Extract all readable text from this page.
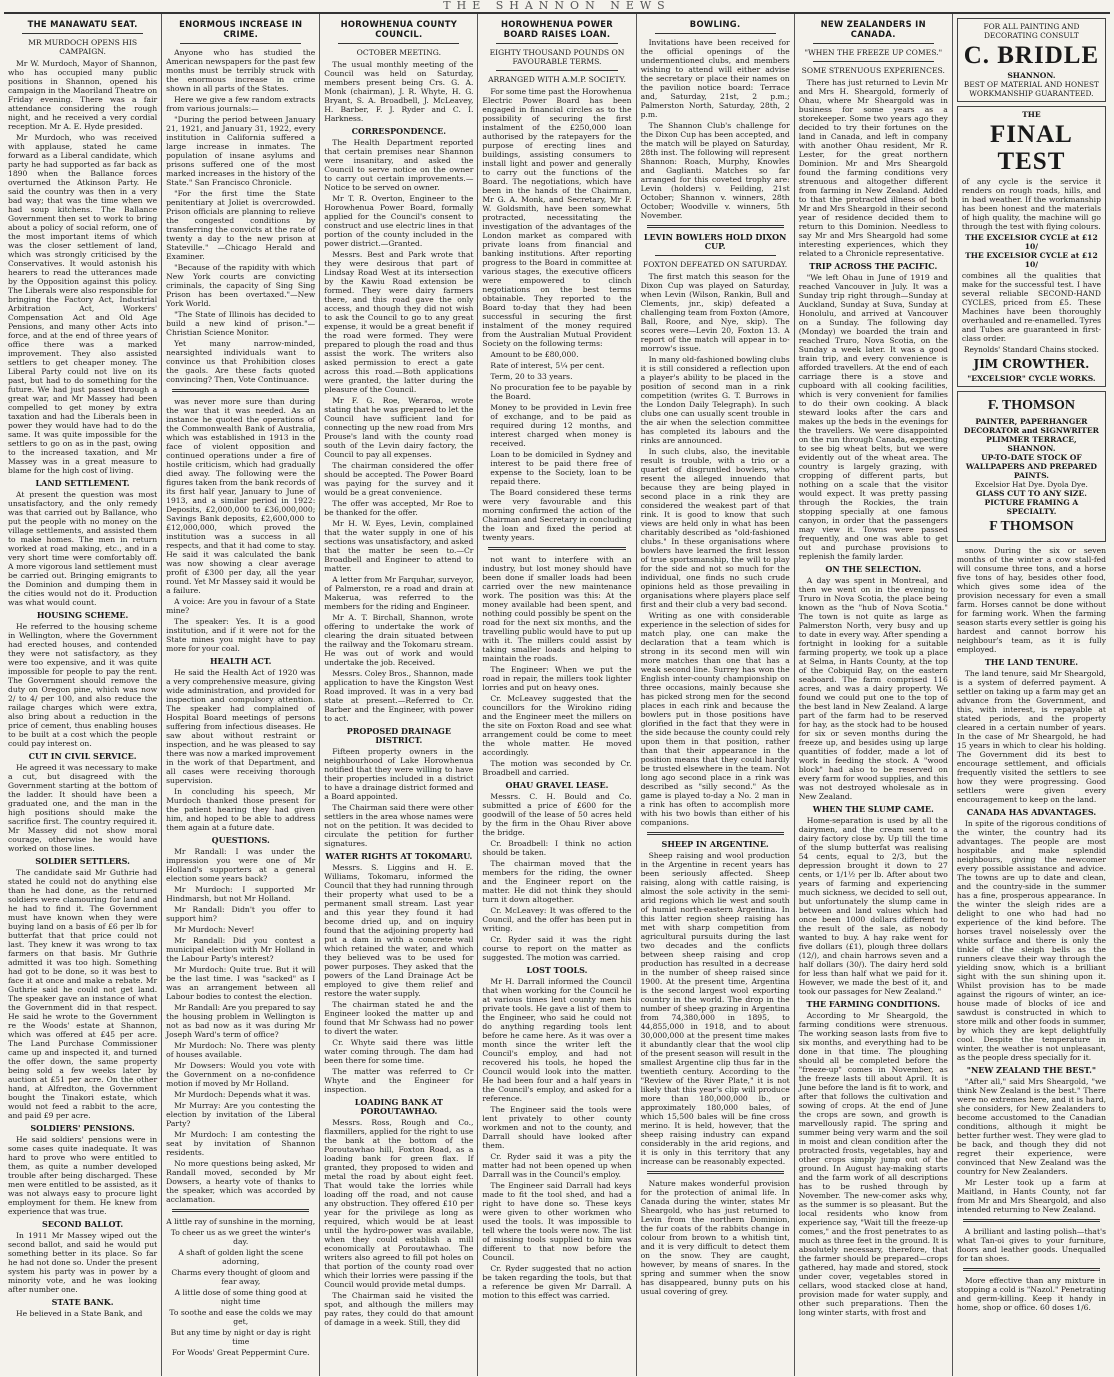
THE SHANNON NEWS
THE MANAWATU SEAT.
MR MURDOCH OPENS HIS CAMPAIGN.

Mr W. Murdoch, Mayor of Shannon, who has occupied many public positions in Shannon, opened his campaign in the Maoriland Theatre on Friday evening. There was a fair attendance considering the rough night, and he received a very cordial reception. Mr A. E. Hyde presided.

Mr Murdoch, who was received with applause, stated he came forward as a Liberal candidate, which party he had supported as far back as 1890 when the Ballance forces overturned the Atkinson Party. He said the country was then in a very bad way; that was the time when we had soup kitchens. The Ballance Government then set to work to bring about a policy of social reform, one of the most important items of which was the closer settlement of land, which was strongly criticised by the Conservatives. It would astonish his hearers to read the utterances made by the Opposition against this policy. The Liberals were also responsible for bringing the Factory Act, Industrial Arbitration Act, Workers' Compensation Act and Old Age Pensions, and many other Acts into force, and at the end of three years of office there was a marked improvement. They also assisted settlers to get cheaper money. The Liberal Party could not live on its past, but had to do something for the future. We had just passed through a great war, and Mr Massey had been compelled to get money by extra taxation and had the Liberals been in power they would have had to do the same. It was quite impossible for the settlers to go on as in the past, owing to the increased taxation, and Mr Massey was in a great measure to blame for the high cost of living.

LAND SETTLEMENT.

At present the question was most unsatisfactory, and the only remedy was that carried out by Ballance, who put the people with no money on the village settlements, and assisted them to make homes. The men in return worked at road making, etc., and in a very short time were comfortably off. A more vigorous land settlement must be carried out. Bringing emigrants to the Dominion and dumping them in the cities would not do it. Production was what would count.

HOUSING SCHEME.

He referred to the housing scheme in Wellington, where the Government had erected houses, and contended they were not satisfactory, as they were too expensive, and it was quite impossible for people to pay the rent. The Government should remove the duty on Oregon pine, which was now 2/ to 4/ per 100, and also reduce the railage charges which were extra, also bring about a reduction in the price of cement, thus enabling houses to be built at a cost which the people could pay interest on.

CUT IN CIVIL SERVICE.

He agreed it was necessary to make a cut, but disagreed with the Government starting at the bottom of the ladder. It should have been a graduated one, and the man in the high positions should make the sacrifice first. The country required it. Mr Massey did not show moral courage, otherwise he would have worked on those lines.

SOLDIER SETTLERS.

The candidate said Mr Guthrie had stated he could not do anything else than he had done, as the returned soldiers were clamouring for land and he had to find it. The Government must have known when they were buying land on a basis of £6 per lb for butterfat that that price could not last. They knew it was wrong to tax farmers on that basis. Mr Guthrie admitted it was too high. Something had got to be done, so it was best to face it at once and make a rebate. Mr Guthrie said he could not get land. The speaker gave an instance of what the Government did in that respect. He said he wrote to the Government re the Woods' estate at Shannon, which was offered at £45 per acre. The Land Purchase Commissioner came up and inspected it, and turned the offer down, the same property being sold a few weeks later by auction at £51 per acre. On the other hand, at Alfredton, the Government bought the Tinakori estate, which would not feed a rabbit to the acre, and paid £9 per acre.

SOLDIERS' PENSIONS.

He said soldiers' pensions were in some cases quite inadequate. It was hard to prove who were entitled to them, as quite a number developed trouble after being discharged. These men were entitled to be assisted, as it was not always easy to procure light employment for them. He knew from experience that was true.

SECOND BALLOT.

In 1911 Mr Massey wiped out the second ballot, and said he would put something better in its place. So far he had not done so. Under the present system his party was in power by a minority vote, and he was looking after number one.

STATE BANK.

He believed in a State Bank, and

ENORMOUS INCREASE IN CRIME.

Anyone who has studied the American newspapers for the past few months must be terribly struck with the enormous increase in crime shown in all parts of the States.

Here we give a few random extracts from various journals:—

"During the period between January 21, 1921, and January 31, 1922, every institution in California suffered a large increase in inmates. The population of insane asylums and prisons suffered one of the most marked increases in the history of the State." San Francisco Chronicle.

"For the first time the State penitentiary at Joliet is overcrowded. Prison officials are planning to relieve the congested conditions by transferring the convicts at the rate of twenty a day to the new prison at Stateville." —Chicago Herald and Examiner.

"Because of the rapidity with which New York courts are convicting criminals, the capacity of Sing Sing Prison has been overtaxed."—New York World.

"The State of Illinois has decided to build a new kind of prison."—Christian Science Monitor.

Yet many narrow-minded, nearsighted individuals want to convince us that Prohibition closes the gaols. Are these facts quoted convincing? Then, Vote Continuance.

was never more sure than during the war that it was needed. As an instance he quoted the operations of the Commonwealth Bank of Australia, which was established in 1913 in the face of violent opposition and continued operations under a fire of hostile criticism, which had gradually died away. The following were the figures taken from the bank records of its first half year, January to June of 1913, and a similar period in 1922: Deposits, £2,000,000 to £36,000,000; Savings Bank deposits, £2,600,000 to £12,000,000, which proved the institution was a success in all respects, and that it had come to stay. He said it was calculated the bank was now showing a clear average profit of £300 per day, all the year round. Yet Mr Massey said it would be a failure.

A voice: Are you in favour of a State mine?

The speaker: Yes. It is a good institution, and if it were not for the State mines you might have to pay more for your coal.

HEALTH ACT.

He said the Health Act of 1920 was a very comprehensive measure, giving wide administration, and provided for inspection and compulsory attention. The speaker had complained of Hospital Board meetings of persons suffering from infectious diseases. He saw about without restraint or inspection, and he was pleased to say there was now a marked improvement in the work of that Department, and all cases were receiving thorough supervision.

In concluding his speech, Mr Murdoch thanked those present for the patient hearing they had given him, and hoped to be able to address them again at a future date.

QUESTIONS.

Mr Randall: I was under the impression you were one of Mr Holland's supporters at a general election some years back?

Mr Murdoch: I supported Mr Hindmarsh, but not Mr Holland.

Mr Randall: Didn't you offer to support him?

Mr Murdoch: Never!

Mr Randall: Did you contest a municipal election with Mr Holland in the Labour Party's interest?

Mr Murdoch: Quite true. But it will be the last time. I was "sacked" as I was an arrangement between all Labour bodies to contest the election.

Mr Randall: Are you prepared to say the housing problem in Wellington is not as bad now as it was during Mr Joseph Ward's term of office?

Mr Murdoch: No. There was plenty of houses available.

Mr Dowsers: Would you vote with the Government on a no-confidence motion if moved by Mr Holland.

Mr Murdoch: Depends what it was.

Mr Murray: Are you contesting the election by invitation of the Liberal Party?

Mr Murdoch: I am contesting the seat by invitation of Shannon residents.

No more questions being asked, Mr Randall moved, seconded by Mr Dowsers, a hearty vote of thanks to the speaker, which was accorded by acclamation.

A little ray of sunshine in the morning,

To cheer us as we greet the winter's day.

A shaft of golden light the scene adorning,

Charms every thought of gloom and fear away,

A little dose of some thing good at night time

To soothe and ease the colds we may get,

But any time by night or day is right time

For Woods' Great Peppermint Cure.

HOROWHENUA COUNTY COUNCIL.
OCTOBER MEETING.

The usual monthly meeting of the Council was held on Saturday, members present being Crs. G. A. Monk (chairman), J. R. Whyte, H. G. Bryant, S. A. Broadbell, J. McLeavey, H. Barber, F. J. Ryder and C. I. Harkness.

CORRESPONDENCE.

The Health Department reported that certain premises near Shannon were insanitary, and asked the Council to serve notice on the owner to carry out certain improvements.—Notice to be served on owner.

Mr T. R. Overton, Engineer to the Horowhenua Power Board, formally applied for the Council's consent to construct and use electric lines in that portion of the county included in the power district.—Granted.

Messrs. Best and Park wrote that they were desirous that part of Lindsay Road West at its intersection by the Kawiu Road extension be formed. They were dairy farmers there, and this road gave the only access, and though they did not wish to ask the Council to go to any great expense, it would be a great benefit if the road were formed. They were prepared to plough the road and thus assist the work. The writers also asked permission to erect a gate across this road.—Both applications were granted, the latter during the pleasure of the Council.

Mr F. G. Roe, Weraroa, wrote stating that he was prepared to let the Council have sufficient land for connecting up the new road from Mrs Prouse's land with the county road south of the Levin dairy factory, the Council to pay all expenses.

The chairman considered the offer should be accepted. The Power Board was paying for the survey and it would be a great convenience.

The offer was accepted, Mr Roe to be thanked for the offer.

Mr H. W. Eyes, Levin, complained that the water supply in one of his sections was unsatisfactory, and asked that the matter be seen to.—Cr Broadbell and Engineer to attend to matter.

A letter from Mr Farquhar, surveyor, of Palmerston, re a road and drain at Makerua, was referred to the members for the riding and Engineer.

Mr A. T. Birchall, Shannon, wrote offering to undertake the work of clearing the drain situated between the railway and the Tokomaru stream. He was out of work and would undertake the job. Received.

Messrs. Coley Bros., Shannon, made application to have the Kingston West Road improved. It was in a very bad state at present.—Referred to Cr. Barber and the Engineer, with power to act.

PROPOSED DRAINAGE DISTRICT.

Fifteen property owners in the neighbourhood of Lake Horowhenua notified that they were willing to have their properties included in a district to have a drainage district formed and a Board appointed.

The Chairman said there were other settlers in the area whose names were not on the petition. It was decided to circulate the petition for further signatures.

WATER RIGHTS AT TOKOMARU.

Messrs. S. Liggins and H. E. Williams, Tokomaru, informed the Council that they had running through their property what used to be a permanent small stream. Last year and this year they found it had become dried up, and on inquiry found that the adjoining property had put a dam in with a concrete wall which retained the water, and which they believed was to be used for power purposes. They asked that the powers of the Land Drainage Act be employed to give them relief and restore the water supply.

The chairman stated he and the Engineer looked the matter up and found that Mr Schwass had no power to divert the water.

Cr. Whyte said there was little water coming through. The dam had been there for some time.

The matter was referred to Cr Whyte and the Engineer for inspection.

LOADING BANK AT POROUTAWHAO.

Messrs. Ross, Rough and Co., flaxmillers, applied for the right to use the bank at the bottom of the Poroutawhao hill, Foxton Road, as a loading bank for green flax. If granted, they proposed to widen and metal the road by about eight feet. That would take the lorries while loading off the road, and not cause any obstruction. They offered £10 per year for the privilege as long as required, which would be at least until the hydro-power was available, when they could establish a mill economically at Poroutawhao. The writers also agreed to fill pot holes on that portion of the county road over which their lorries were passing if the Council would provide metal dumps.

The Chairman said he visited the spot, and although the millers may pay rates, they could do that amount of damage in a week. Still, they did

HOROWHENUA POWER BOARD RAISES LOAN.
EIGHTY THOUSAND POUNDS ON FAVOURABLE TERMS.
ARRANGED WITH A.M.P. SOCIETY.

For some time past the Horowhenua Electric Power Board has been engaged in financial circles as to the possibility of securing the first instalment of the £250,000 loan authorised by the ratepayers for the purpose of erecting lines and buildings, assisting consumers to install light and power and generally to carry out the functions of the Board. The negotiations, which have been in the hands of the Chairman, Mr G. A. Monk, and Secretary, Mr F. W. Goldsmith, have been somewhat protracted, necessitating the investigation of the advantages of the London market as compared with private loans from financial and banking institutions. After reporting progress to the Board in committee at various stages, the executive officers were empowered to clinch negotiations on the best terms obtainable. They reported to the Board to-day that they had been successful in securing the first instalment of the money required from the Australian Mutual Provident Society on the following terms:

Amount to be £80,000.

Rate of interest, 5¼ per cent.

Term, 20 to 33 years.

No procuration fee to be payable by the Board.

Money to be provided in Levin free of exchange, and to be paid as required during 12 months, and interest charged when money is received.

Loan to be domiciled in Sydney and interest to be paid there free of expense to the Society, loan to be repaid there.

The Board considered these terms were very favourable and this morning confirmed the action of the Chairman and Secretary in concluding the loan and fixed the period at twenty years.

not want to interfere with an industry, but lost money should have been done if smaller loads had been carried over the new maintenance work. The position was this: At the money available had been spent, and nothing could possibly be spent on the road for the next six months, and the travelling public would have to put up with it. The millers could assist by taking smaller loads and helping to maintain the roads.

The Engineer: When we put the road in repair, the millers took lighter lorries and put on heavy ones.

Cr. McLeavey suggested that the councillors for the Wirokino riding and the Engineer meet the millers on the site on Foxton Road and see what arrangement could be come to meet the whole matter. He moved accordingly.

The motion was seconded by Cr. Broadbell and carried.

OHAU GRAVEL LEASE.

Messrs. C. H. Bould and Co. submitted a price of £600 for the goodwill of the lease of 50 acres held by the firm in the Ohau River above the bridge.

Cr. Broadbell: I think no action should be taken.

The chairman moved that the members for the riding, the owner and the Engineer report on the matter. He did not think they should turn it down altogether.

Cr. McLeavey: It was offered to the Council, and the offer has been put in writing.

Cr. Ryder said it was the right course to report on the matter as suggested. The motion was carried.

LOST TOOLS.

Mr H. Darrall informed the Council that when working for the Council he at various times lent county men his private tools. He gave a list of them to the Engineer, who said he could not do anything regarding tools lent before he came here. As it was over a month since the writer left the Council's employ, and had not recovered his tools, he hoped the Council would look into the matter. He had been four and a half years in the Council's employ, and asked for a reference.

The Engineer said the tools were lent privately to other county workmen and not to the county, and Darrall should have looked after them.

Cr. Ryder said it was a pity the matter had not been opened up when Darrall was in the Council's employ.

The Engineer said Darrall had keys made to fit the tool shed, and had a right to have done so. These keys were given to other workmen who used the tools. It was impossible to tell where the tools were now. The list of missing tools supplied to him was different to that now before the Council.

Cr. Ryder suggested that no action be taken regarding the tools, but that a reference be given Mr Darrall. A motion to this effect was carried.

BOWLING.

Invitations have been received for the official openings of the undermentioned clubs, and members wishing to attend will either advise the secretary or place their names on the pavilion notice board: Terrace and, Saturday, 21st, 2 p.m.; Palmerston North, Saturday, 28th, 2 p.m.

The Shannon Club's challenge for the Dixon Cup has been accepted, and the match will be played on Saturday, 28th inst. The following will represent Shannon: Roach, Murphy, Knowles and Gaglianti. Matches so far arranged for this coveted trophy are: Levin (holders) v. Feilding, 21st October; Shannon v. winners, 28th October; Woodville v. winners, 5th November.

LEVIN BOWLERS HOLD DIXON CUP.
FOXTON DEFEATED ON SATURDAY.

The first match this season for the Dixon Cup was played on Saturday, when Levin (Wilson, Rankin, Bull and Clements, jnr., skip) defeated a challenging team from Foxton (Amore, Ball, Roore, and Nye, skip). The scores were—Levin 20, Foxton 13. A report of the match will appear in to-morrow's issue.

In many old-fashioned bowling clubs it is still considered a reflection upon a player's ability to be placed in the position of second man in a rink competition (writes G. T. Burrows in the London Daily Telegraph). In such clubs one can usually scent trouble in the air when the selection committee has completed its labours and the rinks are announced.

In such clubs, also, the inevitable result is trouble, with a trio or a quartet of disgruntled bowlers, who resent the alleged innuendo that because they are being played in second place in a rink they are considered the weakest part of that rink. It is good to know that such views are held only in what has been charitably described as "old-fashioned clubs." In these organisations where bowlers have learned the first lesson of true sportsmanship, the will to play for the side and not so much for the individual, one finds no such crude opinions held as those prevailing in organisations where players place self first and their club a very bad second.

Writing as one with considerable experience in the selection of sides for match play, one can make the declaration that a team which is strong in its second men will win more matches than one that has a weak second line. Surrey has won the English inter-county championship on three occasions, mainly because she has picked strong men for the second places in each rink and because the bowlers put in those positions have glorified in the fact that they were in the side because the county could rely upon them in that position, rather than that their appearance in the position means that they could hardly be trusted elsewhere in the team. Not long ago second place in a rink was described as "silly second." As the game is played to-day a No. 2 man in a rink has often to accomplish more with his two bowls than either of his companions.

SHEEP IN ARGENTINE.

Sheep raising and wool production in the Argentine in recent years has been seriously affected. Sheep raising, along with cattle raising, is almost the sole activity in the semi-arid regions which lie west and south of humid north-eastern Argentina. In this latter region sheep raising has met with sharp competition from agricultural pursuits during the last two decades and the conflicts between sheep raising and crop production has resulted in a decrease in the number of sheep raised since 1900. At the present time, Argentina is the second largest wool exporting country in the world. The drop in the number of sheep grazing in Argentina from 74,380,000 in 1895, to 44,855,000 in 1918, and to about 30,000,000 at the present time makes it abundantly clear that the wool clip of the present season will result in the smallest Argentine clip thus far in the twentieth century. According to the "Review of the River Plate," it is not likely that this year's clip will produce more than 180,000,000 lb., or approximately 180,000 bales, of which 15,500 bales will be fine cross merino. It is held, however, that the sheep raising industry can expand considerably in the arid regions, and it is only in this territory that any increase can be reasonably expected.

Nature makes wonderful provision for the protection of animal life. In Canada during the winter, states Mr Sheargold, who has just returned to Levin from the northern Dominion, the fur coats of the rabbits change in colour from brown to a whitish tint, and it is very difficult to detect them on the snow. They are caught, however, by means of snares. In the spring and summer when the snow has disappeared, bunny puts on his usual covering of grey.

NEW ZEALANDERS IN CANADA.
"WHEN THE FREEZE UP COMES."
SOME STRENUOUS EXPERIENCES.

There has just returned to Levin Mr and Mrs H. Sheargold, formerly of Ohau, where Mr Sheargold was in business for some years as a storekeeper. Some two years ago they decided to try their fortunes on the land in Canada, and left in company with another Ohau resident, Mr R. Lester, for the great northern Dominion. Mr and Mrs Sheargold found the farming conditions very strenuous and altogether different from farming in New Zealand. Added to that the protracted illness of both Mr and Mrs Sheargold in their second year of residence decided them to return to this Dominion. Needless to say Mr and Mrs Sheargold had some interesting experiences, which they related to a Chronicle representative.

TRIP ACROSS THE PACIFIC.

"We left Ohau in June of 1919 and reached Vancouver in July. It was a Sunday trip right through—Sunday at Auckland, Sunday at Suva, Sunday at Honolulu, and arrived at Vancouver on a Sunday. The following day (Monday) we boarded the train and reached Truro, Nova Scotia, on the Sunday a week later. It was a good train trip, and every convenience is afforded travellers. At the end of each carriage there is a stove and cupboard with all cooking facilities, which is very convenient for families to do their own cooking. A black steward looks after the cars and makes up the beds in the evenings for the travellers. We were disappointed on the run through Canada, expecting to see big wheat belts, but we were evidently out of the wheat area. The country is largely grazing, with cropping of different parts, but nothing on a scale that the visitor would expect. It was pretty passing through the Rockies, the train stopping specially at one famous canyon, in order that the passengers may view it. Towns were passed frequently, and one was able to get out and purchase provisions to replenish the family larder.

ON THE SELECTION.

A day was spent in Montreal, and then we went on in the evening to Truro in Nova Scotia, the place being known as the "hub of Nova Scotia." The town is not quite as large as Palmerston North, very busy and up to date in every way. After spending a fortnight in looking for a suitable farming property, we took up a place at Selma, in Hants County, at the top of the Cobiquid Bay, on the eastern seaboard. The farm comprised 116 acres, and was a dairy property. We found we could put one to the top of the best land in New Zealand. A large part of the farm had to be reserved for hay, as the stock had to be housed for six or seven months during the freeze up, and besides using up large quantities of fodder, made a lot of work in feeding the stock. A "wood block" had also to be reserved on every farm for wood supplies, and this was not destroyed wholesale as in New Zealand.

WHEN THE SLUMP CAME.

Home-separation is used by all the dairymen, and the cream sent to a dairy factory close by. Up till the time of the slump butterfat was realising 54 cents, equal to 2/3, but the depression brought it down to 27 cents, or 1/1½ per lb. After about two years of farming and experiencing much sickness, we decided to sell out, but unfortunately the slump came in between and land values which had once been 1000 dollars different to the result of the sale, as nobody wanted to buy. A hay rake went for five dollars (£1), plough three dollars (12/), and chain harrows seven and a half dollars (30/). The dairy herd sold for less than half what we paid for it. However, we made the best of it, and took our passages for New Zealand."

THE FARMING CONDITIONS.

According to Mr Sheargold, the farming conditions were strenuous. The working season lasts from five to six months, and everything had to be done in that time. The ploughing should all be completed before the "freeze-up" comes in November, as the freeze lasts till about April. It is June before the land is fit to work, and after that follows the cultivation and sowing of crops. At the end of June the crops are sown, and growth is marvellously rapid. The spring and summer being very warm and the soil in moist and clean condition after the protracted frosts, vegetables, hay and other crops simply jump out of the ground. In August hay-making starts and the farm work of all descriptions has to be rushed through by November. The new-comer asks why, as the summer is so pleasant. But the local residents who know from experience say, "Wait till the freeze-up comes," and the frost penetrates to as much as three feet in the ground. It is absolutely necessary, therefore, that the farmer should be prepared—crops gathered, hay made and stored, stock under cover, vegetables stored in cellars, wood stacked close at hand, provision made for water supply, and other such preparations. Then the long winter starts, with frost and

FOR ALL PAINTING AND DECORATING CONSULT
C. BRIDLE
SHANNON.
BEST OF MATERIAL AND HONEST WORKMANSHIP GUARANTEED.
THE
FINAL TEST
of any cycle is the service it renders on rough roads, hills, and in bad weather. If the workmanship has been honest and the materials of high quality, the machine will go through the test with flying colours.
THE EXCELSIOR CYCLE at £12 10/
THE EXCELSIOR CYCLE at £12 10/
combines all the qualities that make for the successful test. I have several reliable SECOND-HAND CYCLES, priced from £5. These Machines have been thoroughly overhauled and re-enamelled. Tyres and Tubes are guaranteed in first-class order.
Reynolds' Standard Chains stocked.
JIM CROWTHER.
"EXCELSIOR" CYCLE WORKS.
F. THOMSON
PAINTER, PAPERHANGER DECORATOR and SIGNWRITER
PLIMMER TERRACE, SHANNON.
UP-TO-DATE STOCK OF WALLPAPERS AND PREPARED PAINTS.
Excelsior Hat Dye. Dyola Dye.
GLASS CUT TO ANY SIZE.
PICTURE FRAMING A SPECIALTY.
F THOMSON

snow. During the six or seven months of the winter a cow stall-fed will consume three tons, and a horse five tons of hay, besides other food, which gives some idea of the provision necessary for even a small farm. Horses cannot be done without for farming work. When the farming season starts every settler is going his hardest and cannot borrow his neighbour's team, as it is fully employed.

THE LAND TENURE.

The land tenure, said Mr Sheargold, is a system of deferred payment. A settler on taking up a farm may get an advance from the Government, and this, with interest, is repayable at stated periods, and the property cleared in a certain number of years. In the case of Mr Sheargold, he had 15 years in which to clear his holding. The Government did its best to encourage settlement, and officials frequently visited the settlers to see how they were progressing. Good settlers were given every encouragement to keep on the land.

CANADA HAS ADVANTAGES.

In spite of the rigorous conditions of the winter, the country had its advantages. The people are most hospitable and make splendid neighbours, giving the newcomer every possible assistance and advice. The towns are up to date and clean, and the country-side in the summer has a fine, prosperous appearance. In the winter the sleigh rides are a delight to one who had had no experience of the kind before. The horses travel noiselessly over the white surface and there is only the tinkle of the sleigh bells as the runners cleave their way through the yielding snow, which is a brilliant sight with the sun shining upon it. Whilst provision has to be made against the rigours of winter, an ice-house made of blocks of ice and sawdust is constructed in which to store milk and other foods in summer, by which they are kept delightfully cool. Despite the temperature in winter, the weather is not unpleasant, as the people dress specially for it.

"NEW ZEALAND THE BEST."

"After all," said Mrs Sheargold, "we think New Zealand is the best." There were no extremes here, and it is hard, she considers, for New Zealanders to become accustomed to the Canadian conditions, although it might be better further west. They were glad to be back, and though they did not regret their experience, were convinced that New Zealand was the country for New Zealanders.

Mr Lester took up a farm at Maitland, in Hants County, not far from Mr and Mrs Sheargold, and also intended returning to New Zealand.

A brilliant and lasting polish—that's what Tan-oi gives to your furniture, floors and leather goods. Unequalled for tan shoes.

More effective than any mixture in stopping a cold is "Nazol." Penetrating and germ-killing. Keep it handy in home, shop or office. 60 doses 1/6.
